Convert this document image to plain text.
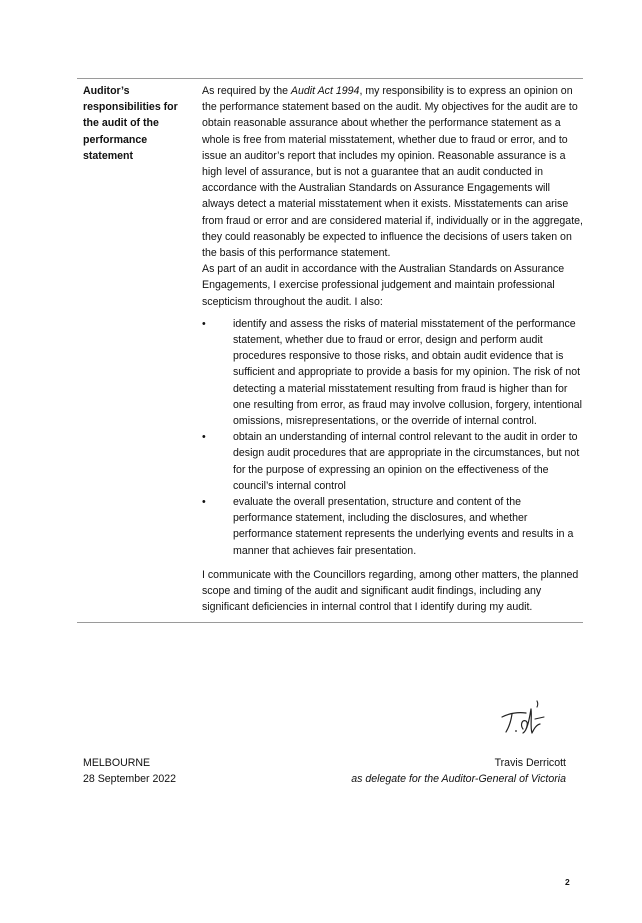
Auditor’s responsibilities for the audit of the performance statement

As required by the Audit Act 1994, my responsibility is to express an opinion on the performance statement based on the audit. My objectives for the audit are to obtain reasonable assurance about whether the performance statement as a whole is free from material misstatement, whether due to fraud or error, and to issue an auditor’s report that includes my opinion. Reasonable assurance is a high level of assurance, but is not a guarantee that an audit conducted in accordance with the Australian Standards on Assurance Engagements will always detect a material misstatement when it exists. Misstatements can arise from fraud or error and are considered material if, individually or in the aggregate, they could reasonably be expected to influence the decisions of users taken on the basis of this performance statement.

As part of an audit in accordance with the Australian Standards on Assurance Engagements, I exercise professional judgement and maintain professional scepticism throughout the audit. I also:

•	identify and assess the risks of material misstatement of the performance statement, whether due to fraud or error, design and perform audit procedures responsive to those risks, and obtain audit evidence that is sufficient and appropriate to provide a basis for my opinion. The risk of not detecting a material misstatement resulting from fraud is higher than for one resulting from error, as fraud may involve collusion, forgery, intentional omissions, misrepresentations, or the override of internal control.
•	obtain an understanding of internal control relevant to the audit in order to design audit procedures that are appropriate in the circumstances, but not for the purpose of expressing an opinion on the effectiveness of the council’s internal control
•	evaluate the overall presentation, structure and content of the performance statement, including the disclosures, and whether performance statement represents the underlying events and results in a manner that achieves fair presentation.

I communicate with the Councillors regarding, among other matters, the planned scope and timing of the audit and significant audit findings, including any significant deficiencies in internal control that I identify during my audit.

MELBOURNE
28 September 2022
Travis Derricott
as delegate for the Auditor-General of Victoria
2
